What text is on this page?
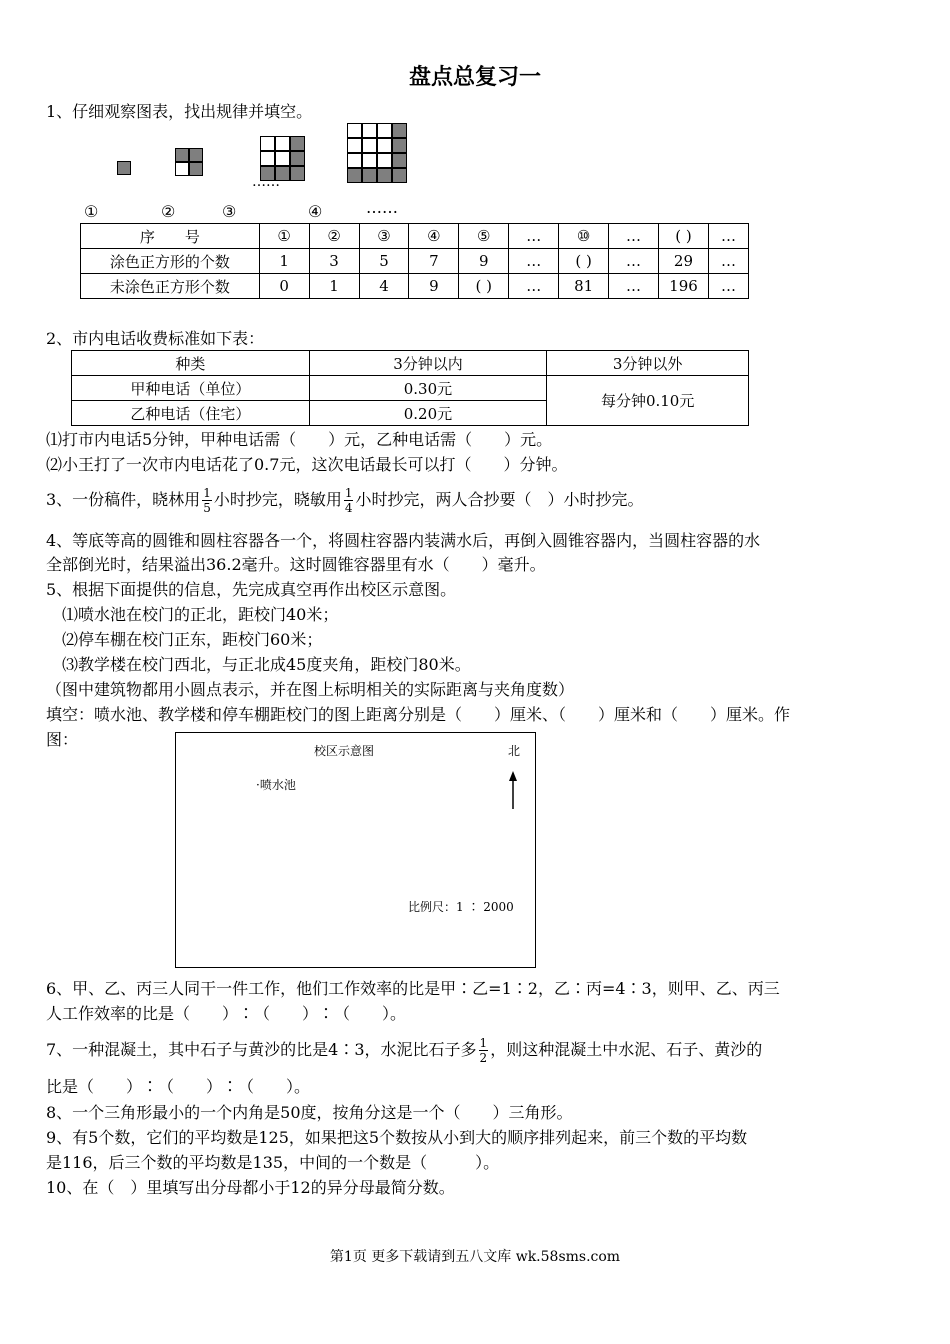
盘点总复习一
1、仔细观察图表，找出规律并填空。
……
①	②	③	④	……
序　　号	①	②	③	④	⑤	…	⑩	…	( )	…
涂色正方形的个数	1	3	5	7	9	…	( )	…	29	…
未涂色正方形个数	0	1	4	9	( )	…	81	…	196	…
2、市内电话收费标准如下表：
种类	3分钟以内	3分钟以外
甲种电话（单位）	0.30元	每分钟0.10元
乙种电话（住宅）	0.20元	
⑴打市内电话5分钟，甲种电话需（　　）元，乙种电话需（　　）元。
⑵小王打了一次市内电话花了0.7元，这次电话最长可以打（　　）分钟。
3、一份稿件，晓林用 $\frac{1}{5}$ 小时抄完，晓敏用 $\frac{1}{4}$ 小时抄完，两人合抄要（　）小时抄完。
4、等底等高的圆锥和圆柱容器各一个，将圆柱容器内装满水后，再倒入圆锥容器内，当圆柱容器的水
全部倒光时，结果溢出36.2毫升。这时圆锥容器里有水（　　）毫升。
5、根据下面提供的信息，先完成真空再作出校区示意图。
⑴喷水池在校门的正北，距校门40米；
⑵停车棚在校门正东，距校门60米；
⑶教学楼在校门西北，与正北成45度夹角，距校门80米。
（图中建筑物都用小圆点表示，并在图上标明相关的实际距离与夹角度数）
填空：喷水池、教学楼和停车棚距校门的图上距离分别是（　　）厘米、（　　）厘米和（　　）厘米。作
图：
校区示意图	北
·喷水池
比例尺：1 ∶ 2000
6、甲、乙、丙三人同干一件工作，他们工作效率的比是甲∶乙=1∶2，乙∶丙=4∶3，则甲、乙、丙三
人工作效率的比是（　　）∶（　　）∶（　　）。
7、一种混凝土，其中石子与黄沙的比是4∶3，水泥比石子多 $\frac{1}{2}$ ，则这种混凝土中水泥、石子、黄沙的
比是（　　）∶（　　）∶（　　）。
8、一个三角形最小的一个内角是50度，按角分这是一个（　　）三角形。
9、有5个数，它们的平均数是125，如果把这5个数按从小到大的顺序排列起来，前三个数的平均数
是116，后三个数的平均数是135，中间的一个数是（　　　）。
10、在（　）里填写出分母都小于12的异分母最简分数。
第1页 更多下载请到五八文库 wk.58sms.com
